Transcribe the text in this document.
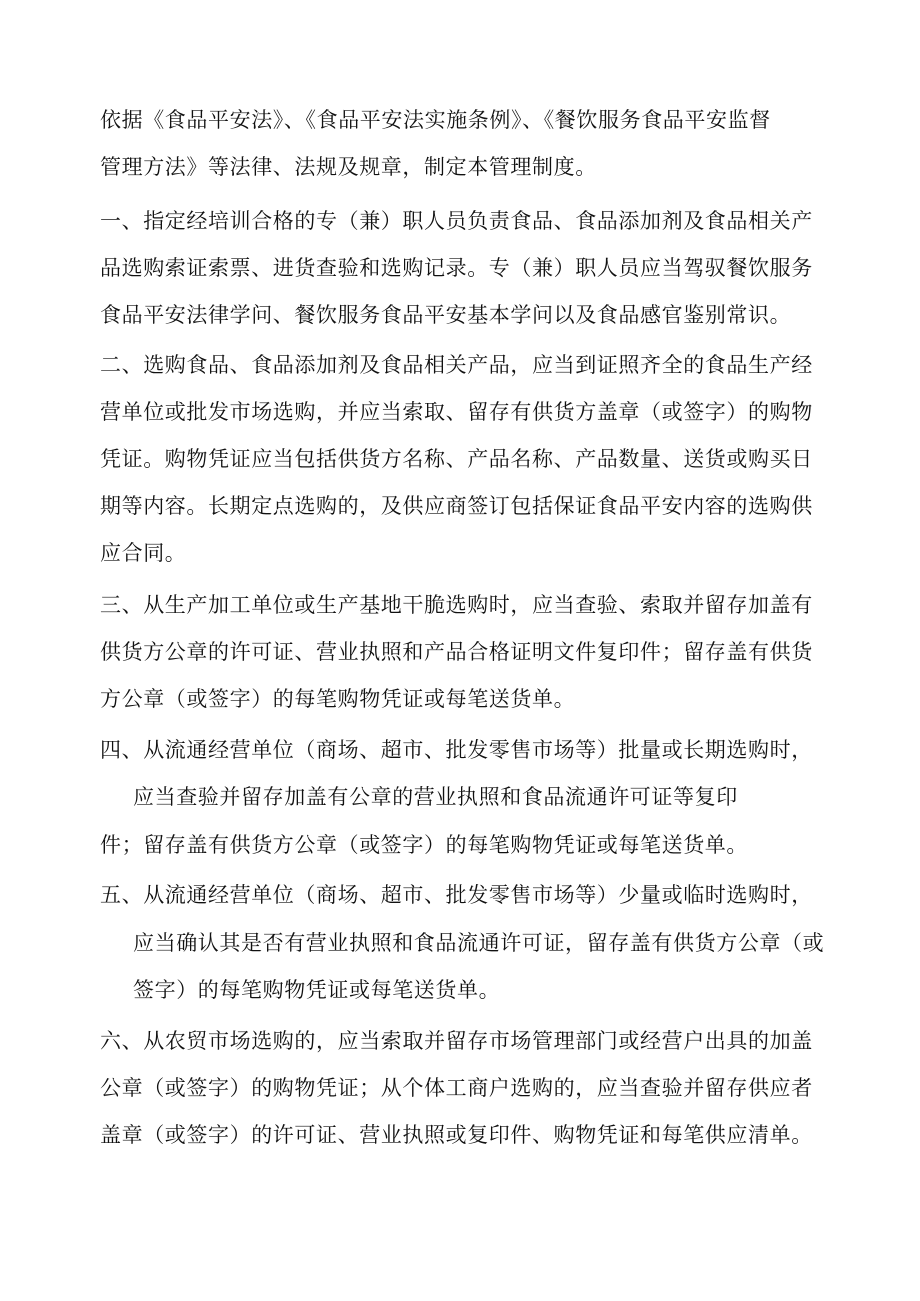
依据《食品平安法》、《食品平安法实施条例》、《餐饮服务食品平安监督
管理方法》等法律、法规及规章，制定本管理制度。
一、指定经培训合格的专（兼）职人员负责食品、食品添加剂及食品相关产
品选购索证索票、进货查验和选购记录。专（兼）职人员应当驾驭餐饮服务
食品平安法律学问、餐饮服务食品平安基本学问以及食品感官鉴别常识。
二、选购食品、食品添加剂及食品相关产品，应当到证照齐全的食品生产经
营单位或批发市场选购，并应当索取、留存有供货方盖章（或签字）的购物
凭证。购物凭证应当包括供货方名称、产品名称、产品数量、送货或购买日
期等内容。长期定点选购的，及供应商签订包括保证食品平安内容的选购供
应合同。
三、从生产加工单位或生产基地干脆选购时，应当查验、索取并留存加盖有
供货方公章的许可证、营业执照和产品合格证明文件复印件；留存盖有供货
方公章（或签字）的每笔购物凭证或每笔送货单。
四、从流通经营单位（商场、超市、批发零售市场等）批量或长期选购时，
应当查验并留存加盖有公章的营业执照和食品流通许可证等复印
件；留存盖有供货方公章（或签字）的每笔购物凭证或每笔送货单。
五、从流通经营单位（商场、超市、批发零售市场等）少量或临时选购时，
应当确认其是否有营业执照和食品流通许可证，留存盖有供货方公章（或
签字）的每笔购物凭证或每笔送货单。
六、从农贸市场选购的，应当索取并留存市场管理部门或经营户出具的加盖
公章（或签字）的购物凭证；从个体工商户选购的，应当查验并留存供应者
盖章（或签字）的许可证、营业执照或复印件、购物凭证和每笔供应清单。
